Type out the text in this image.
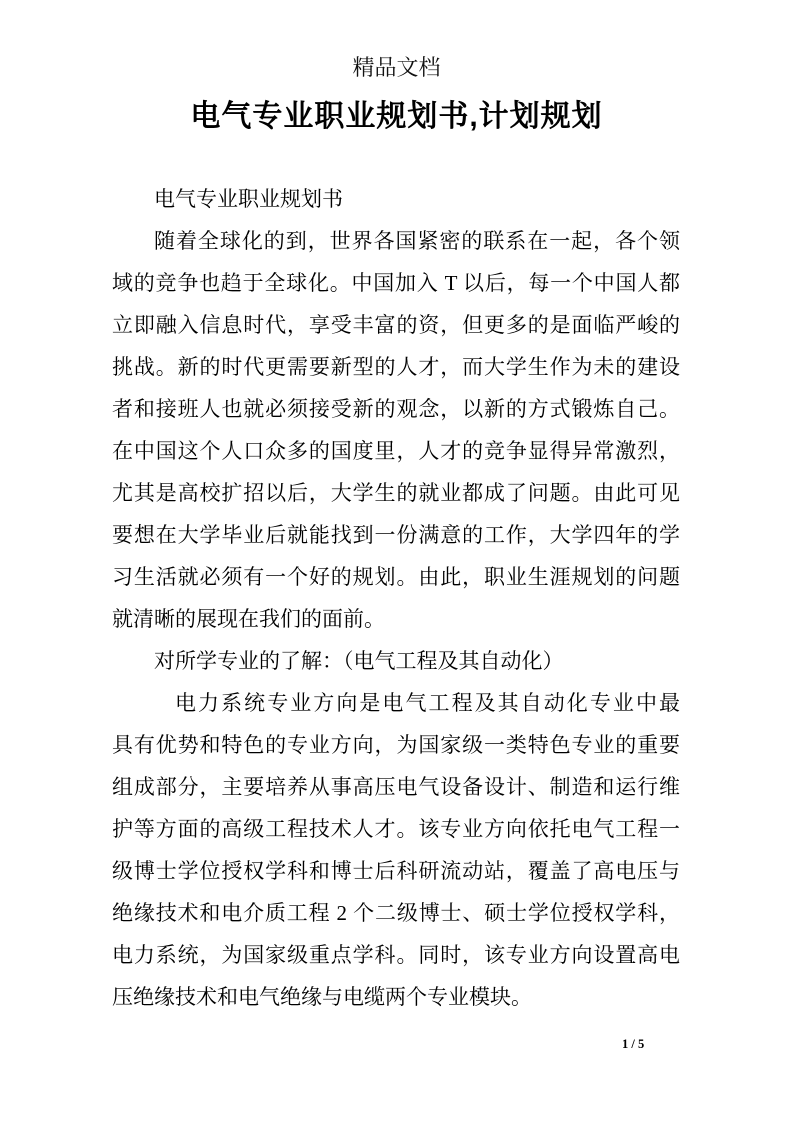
精品文档
电气专业职业规划书,计划规划
电气专业职业规划书
随着全球化的到，世界各国紧密的联系在一起，各个领
域的竞争也趋于全球化。中国加入 T 以后，每一个中国人都
立即融入信息时代，享受丰富的资，但更多的是面临严峻的
挑战。新的时代更需要新型的人才，而大学生作为未的建设
者和接班人也就必须接受新的观念，以新的方式锻炼自己。
在中国这个人口众多的国度里，人才的竞争显得异常激烈，
尤其是高校扩招以后，大学生的就业都成了问题。由此可见
要想在大学毕业后就能找到一份满意的工作，大学四年的学
习生活就必须有一个好的规划。由此，职业生涯规划的问题
就清晰的展现在我们的面前。
对所学专业的了解：（电气工程及其自动化）
电力系统专业方向是电气工程及其自动化专业中最
具有优势和特色的专业方向，为国家级一类特色专业的重要
组成部分，主要培养从事高压电气设备设计、制造和运行维
护等方面的高级工程技术人才。该专业方向依托电气工程一
级博士学位授权学科和博士后科研流动站，覆盖了高电压与
绝缘技术和电介质工程 2 个二级博士、硕士学位授权学科，
电力系统，为国家级重点学科。同时，该专业方向设置高电
压绝缘技术和电气绝缘与电缆两个专业模块。
1 / 5
